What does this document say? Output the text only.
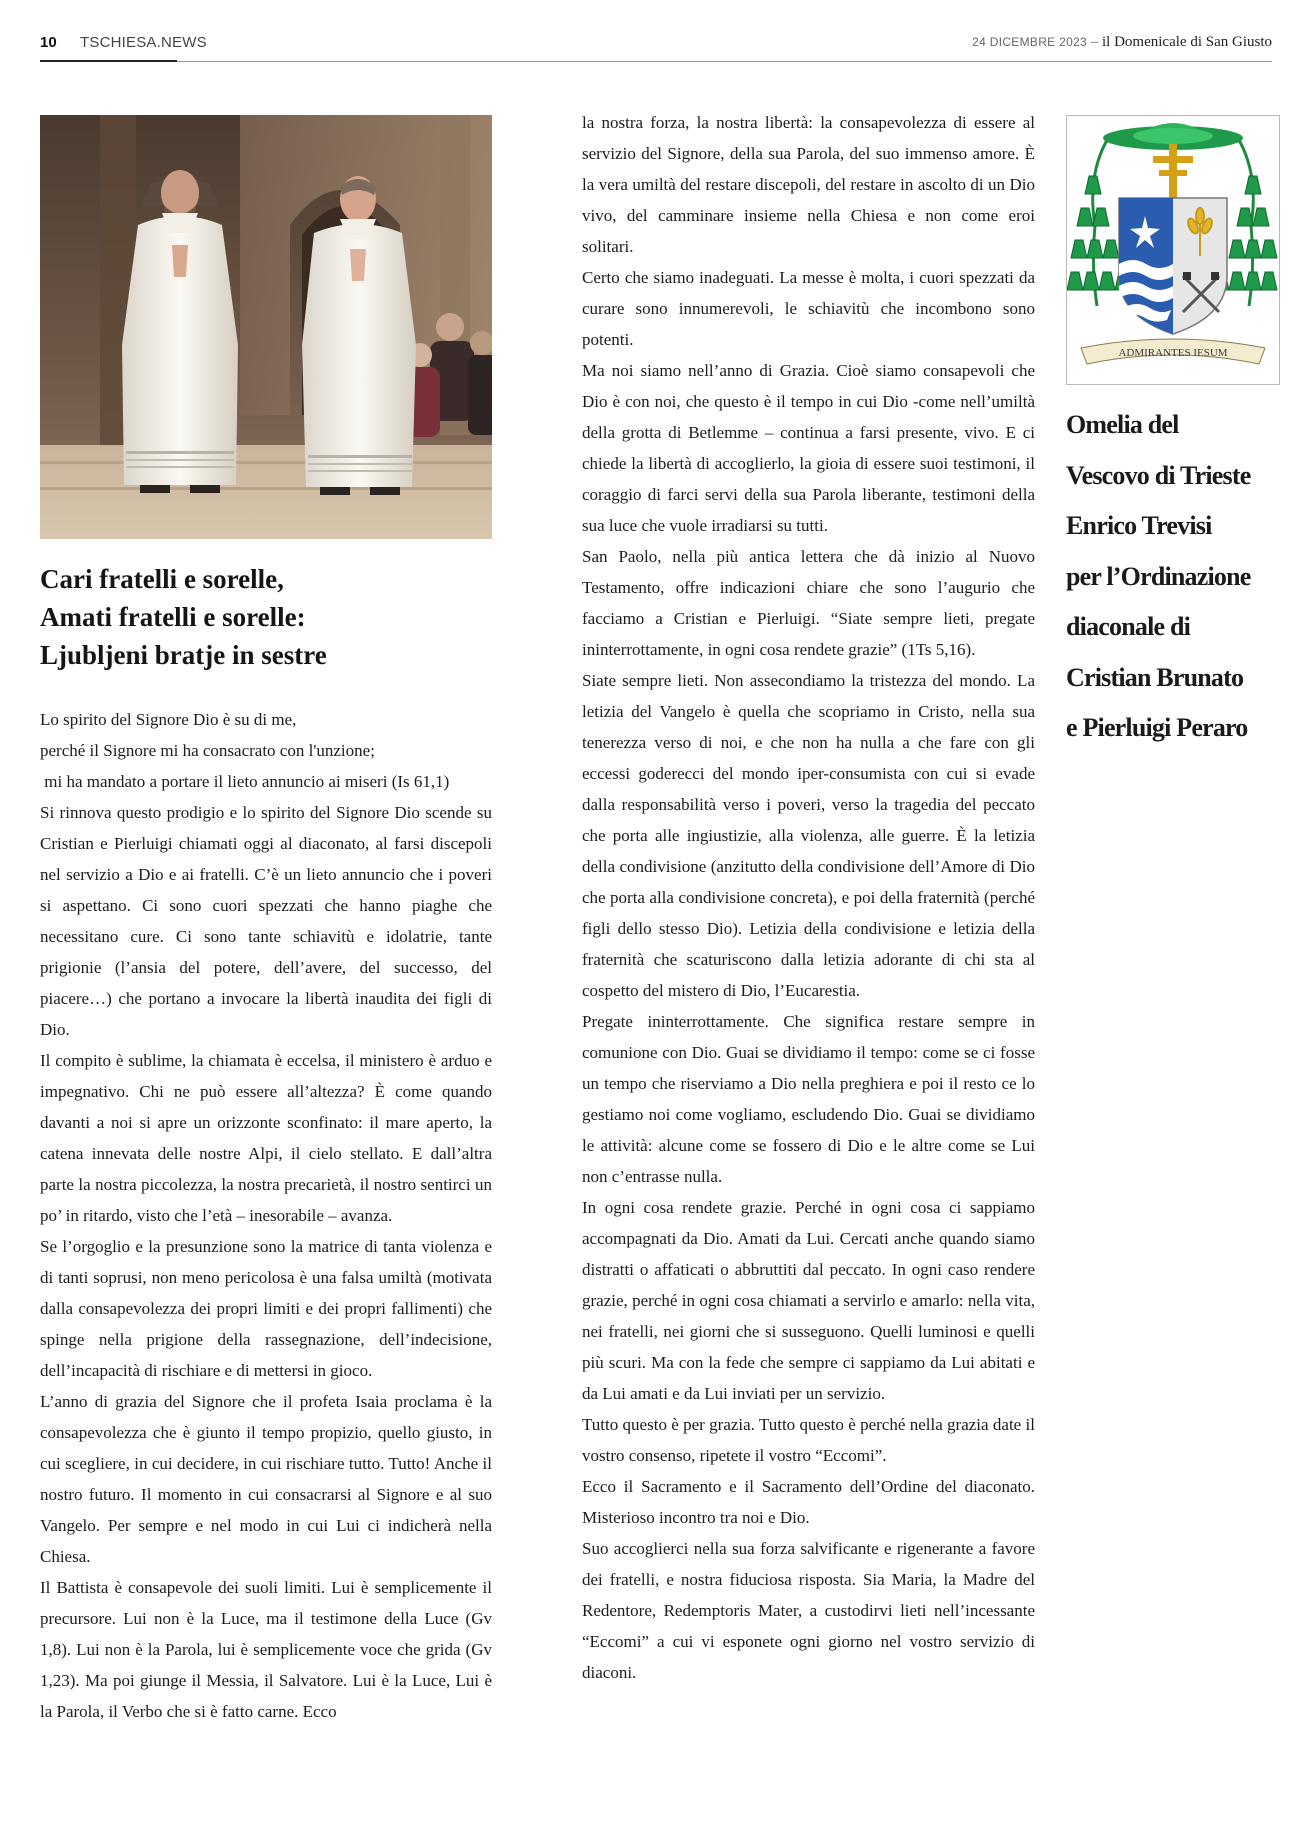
10 TSCHIESA.NEWS	24 DICEMBRE 2023 – il Domenicale di San Giusto
Cari fratelli e sorelle,
Amati fratelli e sorelle:
Ljubljeni bratje in sestre

Lo spirito del Signore Dio è su di me,

perché il Signore mi ha consacrato con l'unzione;

mi ha mandato a portare il lieto annuncio ai miseri (Is 61,1)

Si rinnova questo prodigio e lo spirito del Signore Dio scende su Cristian e Pierluigi chiamati oggi al diaconato, al farsi discepoli nel servizio a Dio e ai fratelli. C’è un lieto annuncio che i poveri si aspettano. Ci sono cuori spezzati che hanno piaghe che necessitano cure. Ci sono tante schiavitù e idolatrie, tante prigionie (l’ansia del potere, dell’avere, del successo, del piacere…) che portano a invocare la libertà inaudita dei figli di Dio.

Il compito è sublime, la chiamata è eccelsa, il ministero è arduo e impegnativo. Chi ne può essere all’altezza? È come quando davanti a noi si apre un orizzonte sconfinato: il mare aperto, la catena innevata delle nostre Alpi, il cielo stellato. E dall’altra parte la nostra piccolezza, la nostra precarietà, il nostro sentirci un po’ in ritardo, visto che l’età – inesorabile – avanza.

Se l’orgoglio e la presunzione sono la matrice di tanta violenza e di tanti soprusi, non meno pericolosa è una falsa umiltà (motivata dalla consapevolezza dei propri limiti e dei propri fallimenti) che spinge nella prigione della rassegnazione, dell’indecisione, dell’incapacità di rischiare e di mettersi in gioco.

L’anno di grazia del Signore che il profeta Isaia proclama è la consapevolezza che è giunto il tempo propizio, quello giusto, in cui scegliere, in cui decidere, in cui rischiare tutto. Tutto! Anche il nostro futuro. Il momento in cui consacrarsi al Signore e al suo Vangelo. Per sempre e nel modo in cui Lui ci indicherà nella Chiesa.

Il Battista è consapevole dei suoli limiti. Lui è semplicemente il precursore. Lui non è la Luce, ma il testimone della Luce (Gv 1,8). Lui non è la Parola, lui è semplicemente voce che grida (Gv 1,23). Ma poi giunge il Messia, il Salvatore. Lui è la Luce, Lui è la Parola, il Verbo che si è fatto carne. Ecco

la nostra forza, la nostra libertà: la consapevolezza di essere al servizio del Signore, della sua Parola, del suo immenso amore. È la vera umiltà del restare discepoli, del restare in ascolto di un Dio vivo, del camminare insieme nella Chiesa e non come eroi solitari.

Certo che siamo inadeguati. La messe è molta, i cuori spezzati da curare sono innumerevoli, le schiavitù che incombono sono potenti.

Ma noi siamo nell’anno di Grazia. Cioè siamo consapevoli che Dio è con noi, che questo è il tempo in cui Dio -come nell’umiltà della grotta di Betlemme – continua a farsi presente, vivo. E ci chiede la libertà di accoglierlo, la gioia di essere suoi testimoni, il coraggio di farci servi della sua Parola liberante, testimoni della sua luce che vuole irradiarsi su tutti.

San Paolo, nella più antica lettera che dà inizio al Nuovo Testamento, offre indicazioni chiare che sono l’augurio che facciamo a Cristian e Pierluigi. “Siate sempre lieti, pregate ininterrottamente, in ogni cosa rendete grazie” (1Ts 5,16).

Siate sempre lieti. Non assecondiamo la tristezza del mondo. La letizia del Vangelo è quella che scopriamo in Cristo, nella sua tenerezza verso di noi, e che non ha nulla a che fare con gli eccessi godereccі del mondo iper-consumista con cui si evade dalla responsabilità verso i poveri, verso la tragedia del peccato che porta alle ingiustizie, alla violenza, alle guerre. È la letizia della condivisione (anzitutto della condivisione dell’Amore di Dio che porta alla condivisione concreta), e poi della fraternità (perché figli dello stesso Dio). Letizia della condivisione e letizia della fraternità che scaturiscono dalla letizia adorante di chi sta al cospetto del mistero di Dio, l’Eucarestia.

Pregate ininterrottamente. Che significa restare sempre in comunione con Dio. Guai se dividiamo il tempo: come se ci fosse un tempo che riserviamo a Dio nella preghiera e poi il resto ce lo gestiamo noi come vogliamo, escludendo Dio. Guai se dividiamo le attività: alcune come se fossero di Dio e le altre come se Lui non c’entrasse nulla.

In ogni cosa rendete grazie. Perché in ogni cosa ci sappiamo accompagnati da Dio. Amati da Lui. Cercati anche quando siamo distratti o affaticati o abbruttiti dal peccato. In ogni caso rendere grazie, perché in ogni cosa chiamati a servirlo e amarlo: nella vita, nei fratelli, nei giorni che si susseguono. Quelli luminosi e quelli più scuri. Ma con la fede che sempre ci sappiamo da Lui abitati e da Lui amati e da Lui inviati per un servizio.

Tutto questo è per grazia. Tutto questo è perché nella grazia date il vostro consenso, ripetete il vostro “Eccomi”.

Ecco il Sacramento e il Sacramento dell’Ordine del diaconato. Misterioso incontro tra noi e Dio.

Suo accoglierci nella sua forza salvificante e rigenerante a favore dei fratelli, e nostra fiduciosa risposta. Sia Maria, la Madre del Redentore, Redemptoris Mater, a custodirvi lieti nell’incessante “Eccomi” a cui vi esponete ogni giorno nel vostro servizio di diaconi.

ADMIRANTES IESUM
Omelia del
Vescovo di Trieste
Enrico Trevisi
per l’Ordinazione
diaconale di
Cristian Brunato
e Pierluigi Peraro
